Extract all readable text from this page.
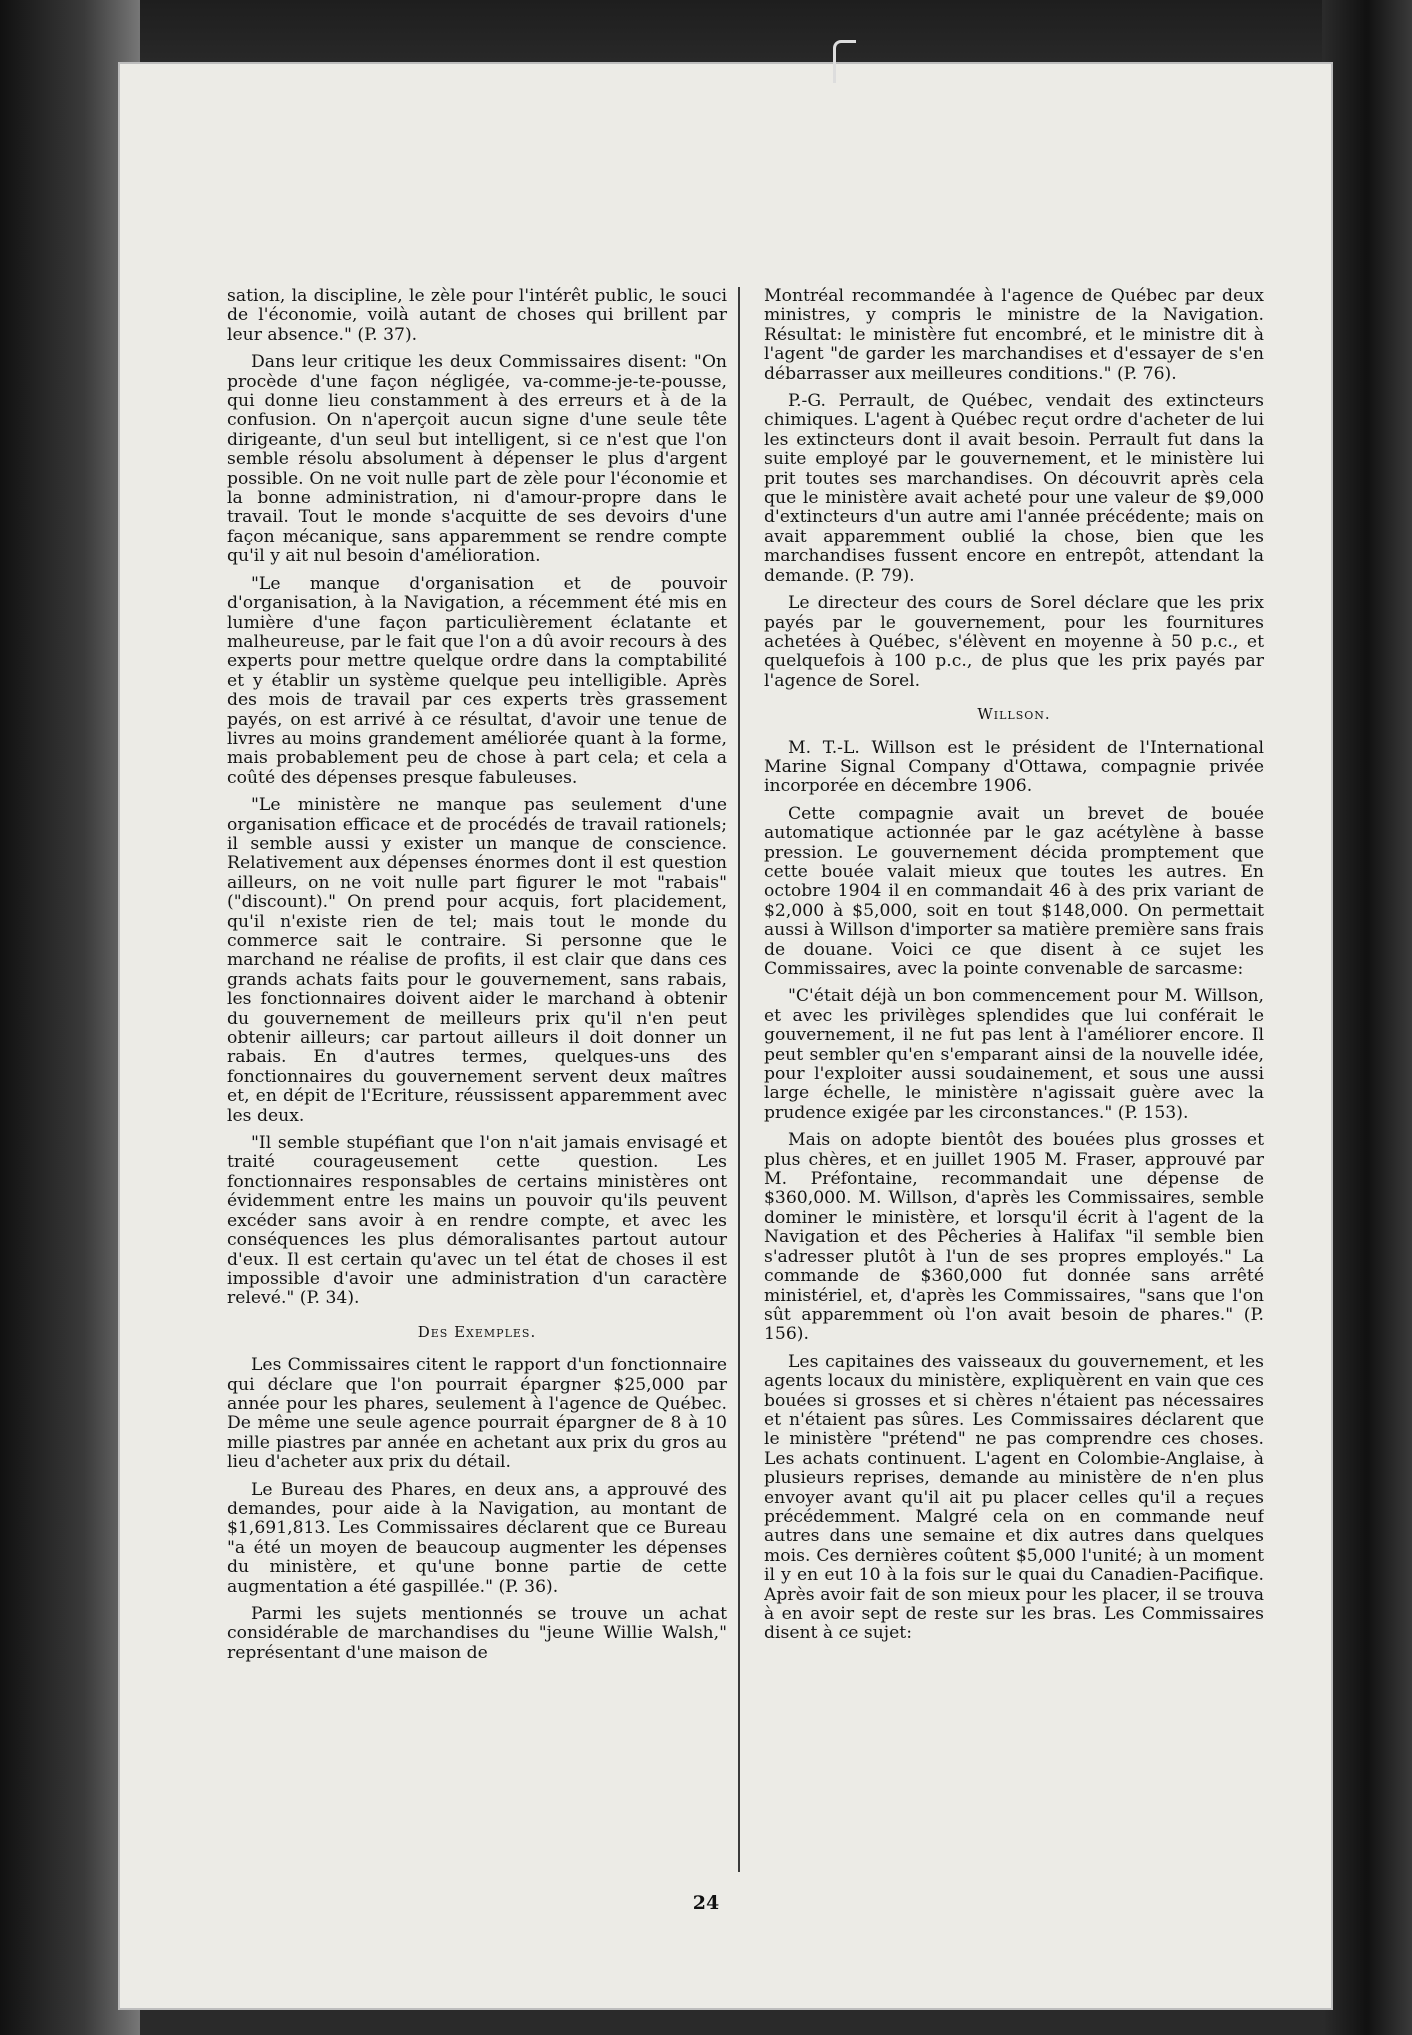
sation, la discipline, le zèle pour l'intérêt public, le souci de l'économie, voilà autant de choses qui brillent par leur absence." (P. 37).

Dans leur critique les deux Commissaires disent: "On procède d'une façon négligée, va-comme-je-te-pousse, qui donne lieu constamment à des erreurs et à de la confusion. On n'aperçoit aucun signe d'une seule tête dirigeante, d'un seul but intelligent, si ce n'est que l'on semble résolu absolument à dépenser le plus d'argent possible. On ne voit nulle part de zèle pour l'économie et la bonne administration, ni d'amour-propre dans le travail. Tout le monde s'acquitte de ses devoirs d'une façon mécanique, sans apparemment se rendre compte qu'il y ait nul besoin d'amélioration.

"Le manque d'organisation et de pouvoir d'organisation, à la Navigation, a récemment été mis en lumière d'une façon particulièrement éclatante et malheureuse, par le fait que l'on a dû avoir recours à des experts pour mettre quelque ordre dans la comptabilité et y établir un système quelque peu intelligible. Après des mois de travail par ces experts très grassement payés, on est arrivé à ce résultat, d'avoir une tenue de livres au moins grandement améliorée quant à la forme, mais probablement peu de chose à part cela; et cela a coûté des dépenses presque fabuleuses.

"Le ministère ne manque pas seulement d'une organisation efficace et de procédés de travail rationels; il semble aussi y exister un manque de conscience. Relativement aux dépenses énormes dont il est question ailleurs, on ne voit nulle part figurer le mot "rabais" ("discount)." On prend pour acquis, fort placidement, qu'il n'existe rien de tel; mais tout le monde du commerce sait le contraire. Si personne que le marchand ne réalise de profits, il est clair que dans ces grands achats faits pour le gouvernement, sans rabais, les fonctionnaires doivent aider le marchand à obtenir du gouvernement de meilleurs prix qu'il n'en peut obtenir ailleurs; car partout ailleurs il doit donner un rabais. En d'autres termes, quelques-uns des fonctionnaires du gouvernement servent deux maîtres et, en dépit de l'Ecriture, réussissent apparemment avec les deux.

"Il semble stupéfiant que l'on n'ait jamais envisagé et traité courageusement cette question. Les fonctionnaires responsables de certains ministères ont évidemment entre les mains un pouvoir qu'ils peuvent excéder sans avoir à en rendre compte, et avec les conséquences les plus démoralisantes partout autour d'eux. Il est certain qu'avec un tel état de choses il est impossible d'avoir une administration d'un caractère relevé." (P. 34).

Des Exemples.

Les Commissaires citent le rapport d'un fonctionnaire qui déclare que l'on pourrait épargner $25,000 par année pour les phares, seulement à l'agence de Québec. De même une seule agence pourrait épargner de 8 à 10 mille piastres par année en achetant aux prix du gros au lieu d'acheter aux prix du détail.

Le Bureau des Phares, en deux ans, a approuvé des demandes, pour aide à la Navigation, au montant de $1,691,813. Les Commissaires déclarent que ce Bureau "a été un moyen de beaucoup augmenter les dépenses du ministère, et qu'une bonne partie de cette augmentation a été gaspillée." (P. 36).

Parmi les sujets mentionnés se trouve un achat considérable de marchandises du "jeune Willie Walsh," représentant d'une maison de

Montréal recommandée à l'agence de Québec par deux ministres, y compris le ministre de la Navigation. Résultat: le ministère fut encombré, et le ministre dit à l'agent "de garder les marchandises et d'essayer de s'en débarrasser aux meilleures conditions." (P. 76).

P.-G. Perrault, de Québec, vendait des extincteurs chimiques. L'agent à Québec reçut ordre d'acheter de lui les extincteurs dont il avait besoin. Perrault fut dans la suite employé par le gouvernement, et le ministère lui prit toutes ses marchandises. On découvrit après cela que le ministère avait acheté pour une valeur de $9,000 d'extincteurs d'un autre ami l'année précédente; mais on avait apparemment oublié la chose, bien que les marchandises fussent encore en entrepôt, attendant la demande. (P. 79).

Le directeur des cours de Sorel déclare que les prix payés par le gouvernement, pour les fournitures achetées à Québec, s'élèvent en moyenne à 50 p.c., et quelquefois à 100 p.c., de plus que les prix payés par l'agence de Sorel.

Willson.

M. T.-L. Willson est le président de l'International Marine Signal Company d'Ottawa, compagnie privée incorporée en décembre 1906.

Cette compagnie avait un brevet de bouée automatique actionnée par le gaz acétylène à basse pression. Le gouvernement décida promptement que cette bouée valait mieux que toutes les autres. En octobre 1904 il en commandait 46 à des prix variant de $2,000 à $5,000, soit en tout $148,000. On permettait aussi à Willson d'importer sa matière première sans frais de douane. Voici ce que disent à ce sujet les Commissaires, avec la pointe convenable de sarcasme:

"C'était déjà un bon commencement pour M. Willson, et avec les privilèges splendides que lui conférait le gouvernement, il ne fut pas lent à l'améliorer encore. Il peut sembler qu'en s'emparant ainsi de la nouvelle idée, pour l'exploiter aussi soudainement, et sous une aussi large échelle, le ministère n'agissait guère avec la prudence exigée par les circonstances." (P. 153).

Mais on adopte bientôt des bouées plus grosses et plus chères, et en juillet 1905 M. Fraser, approuvé par M. Préfontaine, recommandait une dépense de $360,000. M. Willson, d'après les Commissaires, semble dominer le ministère, et lorsqu'il écrit à l'agent de la Navigation et des Pêcheries à Halifax "il semble bien s'adresser plutôt à l'un de ses propres employés." La commande de $360,000 fut donnée sans arrêté ministériel, et, d'après les Commissaires, "sans que l'on sût apparemment où l'on avait besoin de phares." (P. 156).

Les capitaines des vaisseaux du gouvernement, et les agents locaux du ministère, expliquèrent en vain que ces bouées si grosses et si chères n'étaient pas nécessaires et n'étaient pas sûres. Les Commissaires déclarent que le ministère "prétend" ne pas comprendre ces choses. Les achats continuent. L'agent en Colombie-Anglaise, à plusieurs reprises, demande au ministère de n'en plus envoyer avant qu'il ait pu placer celles qu'il a reçues précédemment. Malgré cela on en commande neuf autres dans une semaine et dix autres dans quelques mois. Ces dernières coûtent $5,000 l'unité; à un moment il y en eut 10 à la fois sur le quai du Canadien-Pacifique. Après avoir fait de son mieux pour les placer, il se trouva à en avoir sept de reste sur les bras. Les Commissaires disent à ce sujet:

24
